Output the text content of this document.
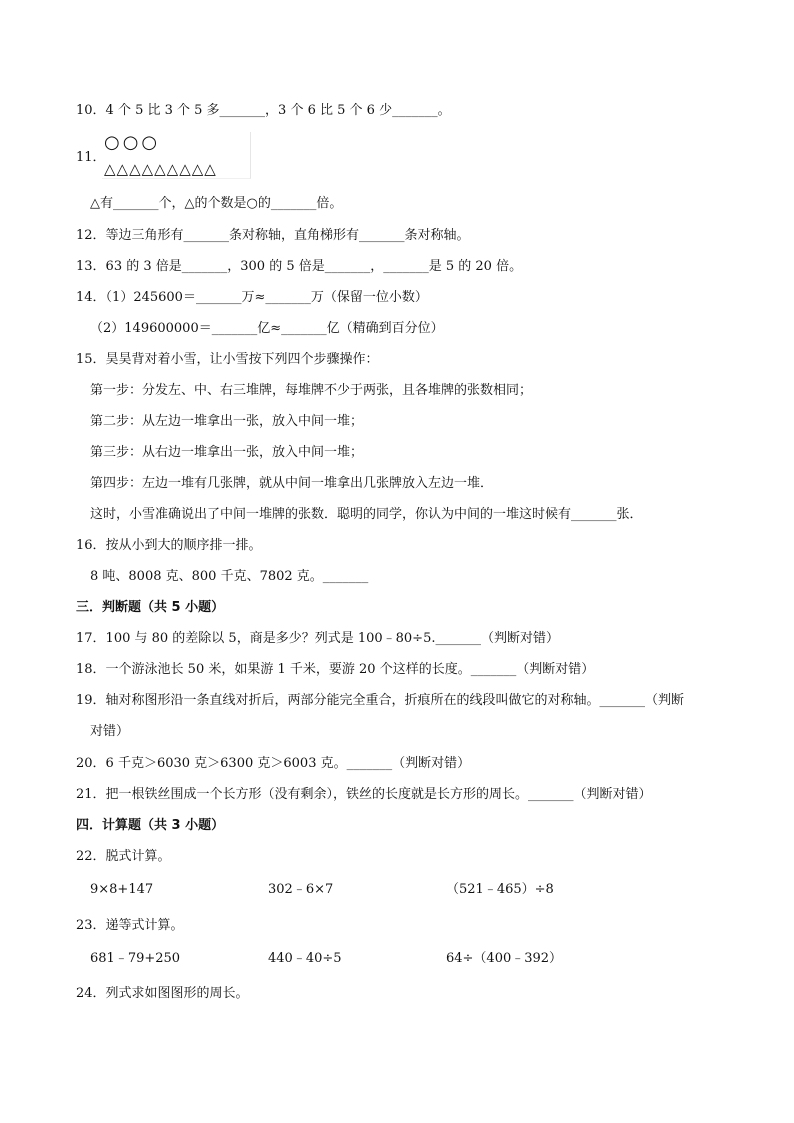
10．4 个 5 比 3 个 5 多_______，3 个 6 比 5 个 6 少_______。
11．
○○○
△△△△△△△△△
△有_______个，△的个数是○的_______倍。
12．等边三角形有_______条对称轴，直角梯形有_______条对称轴。
13．63 的 3 倍是_______，300 的 5 倍是_______，_______是 5 的 20 倍。
14．（1）245600＝_______万≈_______万（保留一位小数）
（2）149600000＝_______亿≈_______亿（精确到百分位）
15．昊昊背对着小雪，让小雪按下列四个步骤操作：
第一步：分发左、中、右三堆牌，每堆牌不少于两张，且各堆牌的张数相同；
第二步：从左边一堆拿出一张，放入中间一堆；
第三步：从右边一堆拿出一张，放入中间一堆；
第四步：左边一堆有几张牌，就从中间一堆拿出几张牌放入左边一堆．
这时，小雪准确说出了中间一堆牌的张数．聪明的同学，你认为中间的一堆这时候有_______张．
16．按从小到大的顺序排一排。
8 吨、8008 克、800 千克、7802 克。_______
三．判断题（共 5 小题）
17．100 与 80 的差除以 5，商是多少？列式是 100﹣80÷5._______（判断对错）
18．一个游泳池长 50 米，如果游 1 千米，要游 20 个这样的长度。_______（判断对错）
19．轴对称图形沿一条直线对折后，两部分能完全重合，折痕所在的线段叫做它的对称轴。_______（判断
对错）
20．6 千克＞6030 克＞6300 克＞6003 克。_______（判断对错）
21．把一根铁丝围成一个长方形（没有剩余），铁丝的长度就是长方形的周长。_______（判断对错）
四．计算题（共 3 小题）
22．脱式计算。
9×8+147	302﹣6×7	（521﹣465）÷8
23．递等式计算。
681﹣79+250	440﹣40÷5	64÷（400﹣392）
24．列式求如图图形的周长。
